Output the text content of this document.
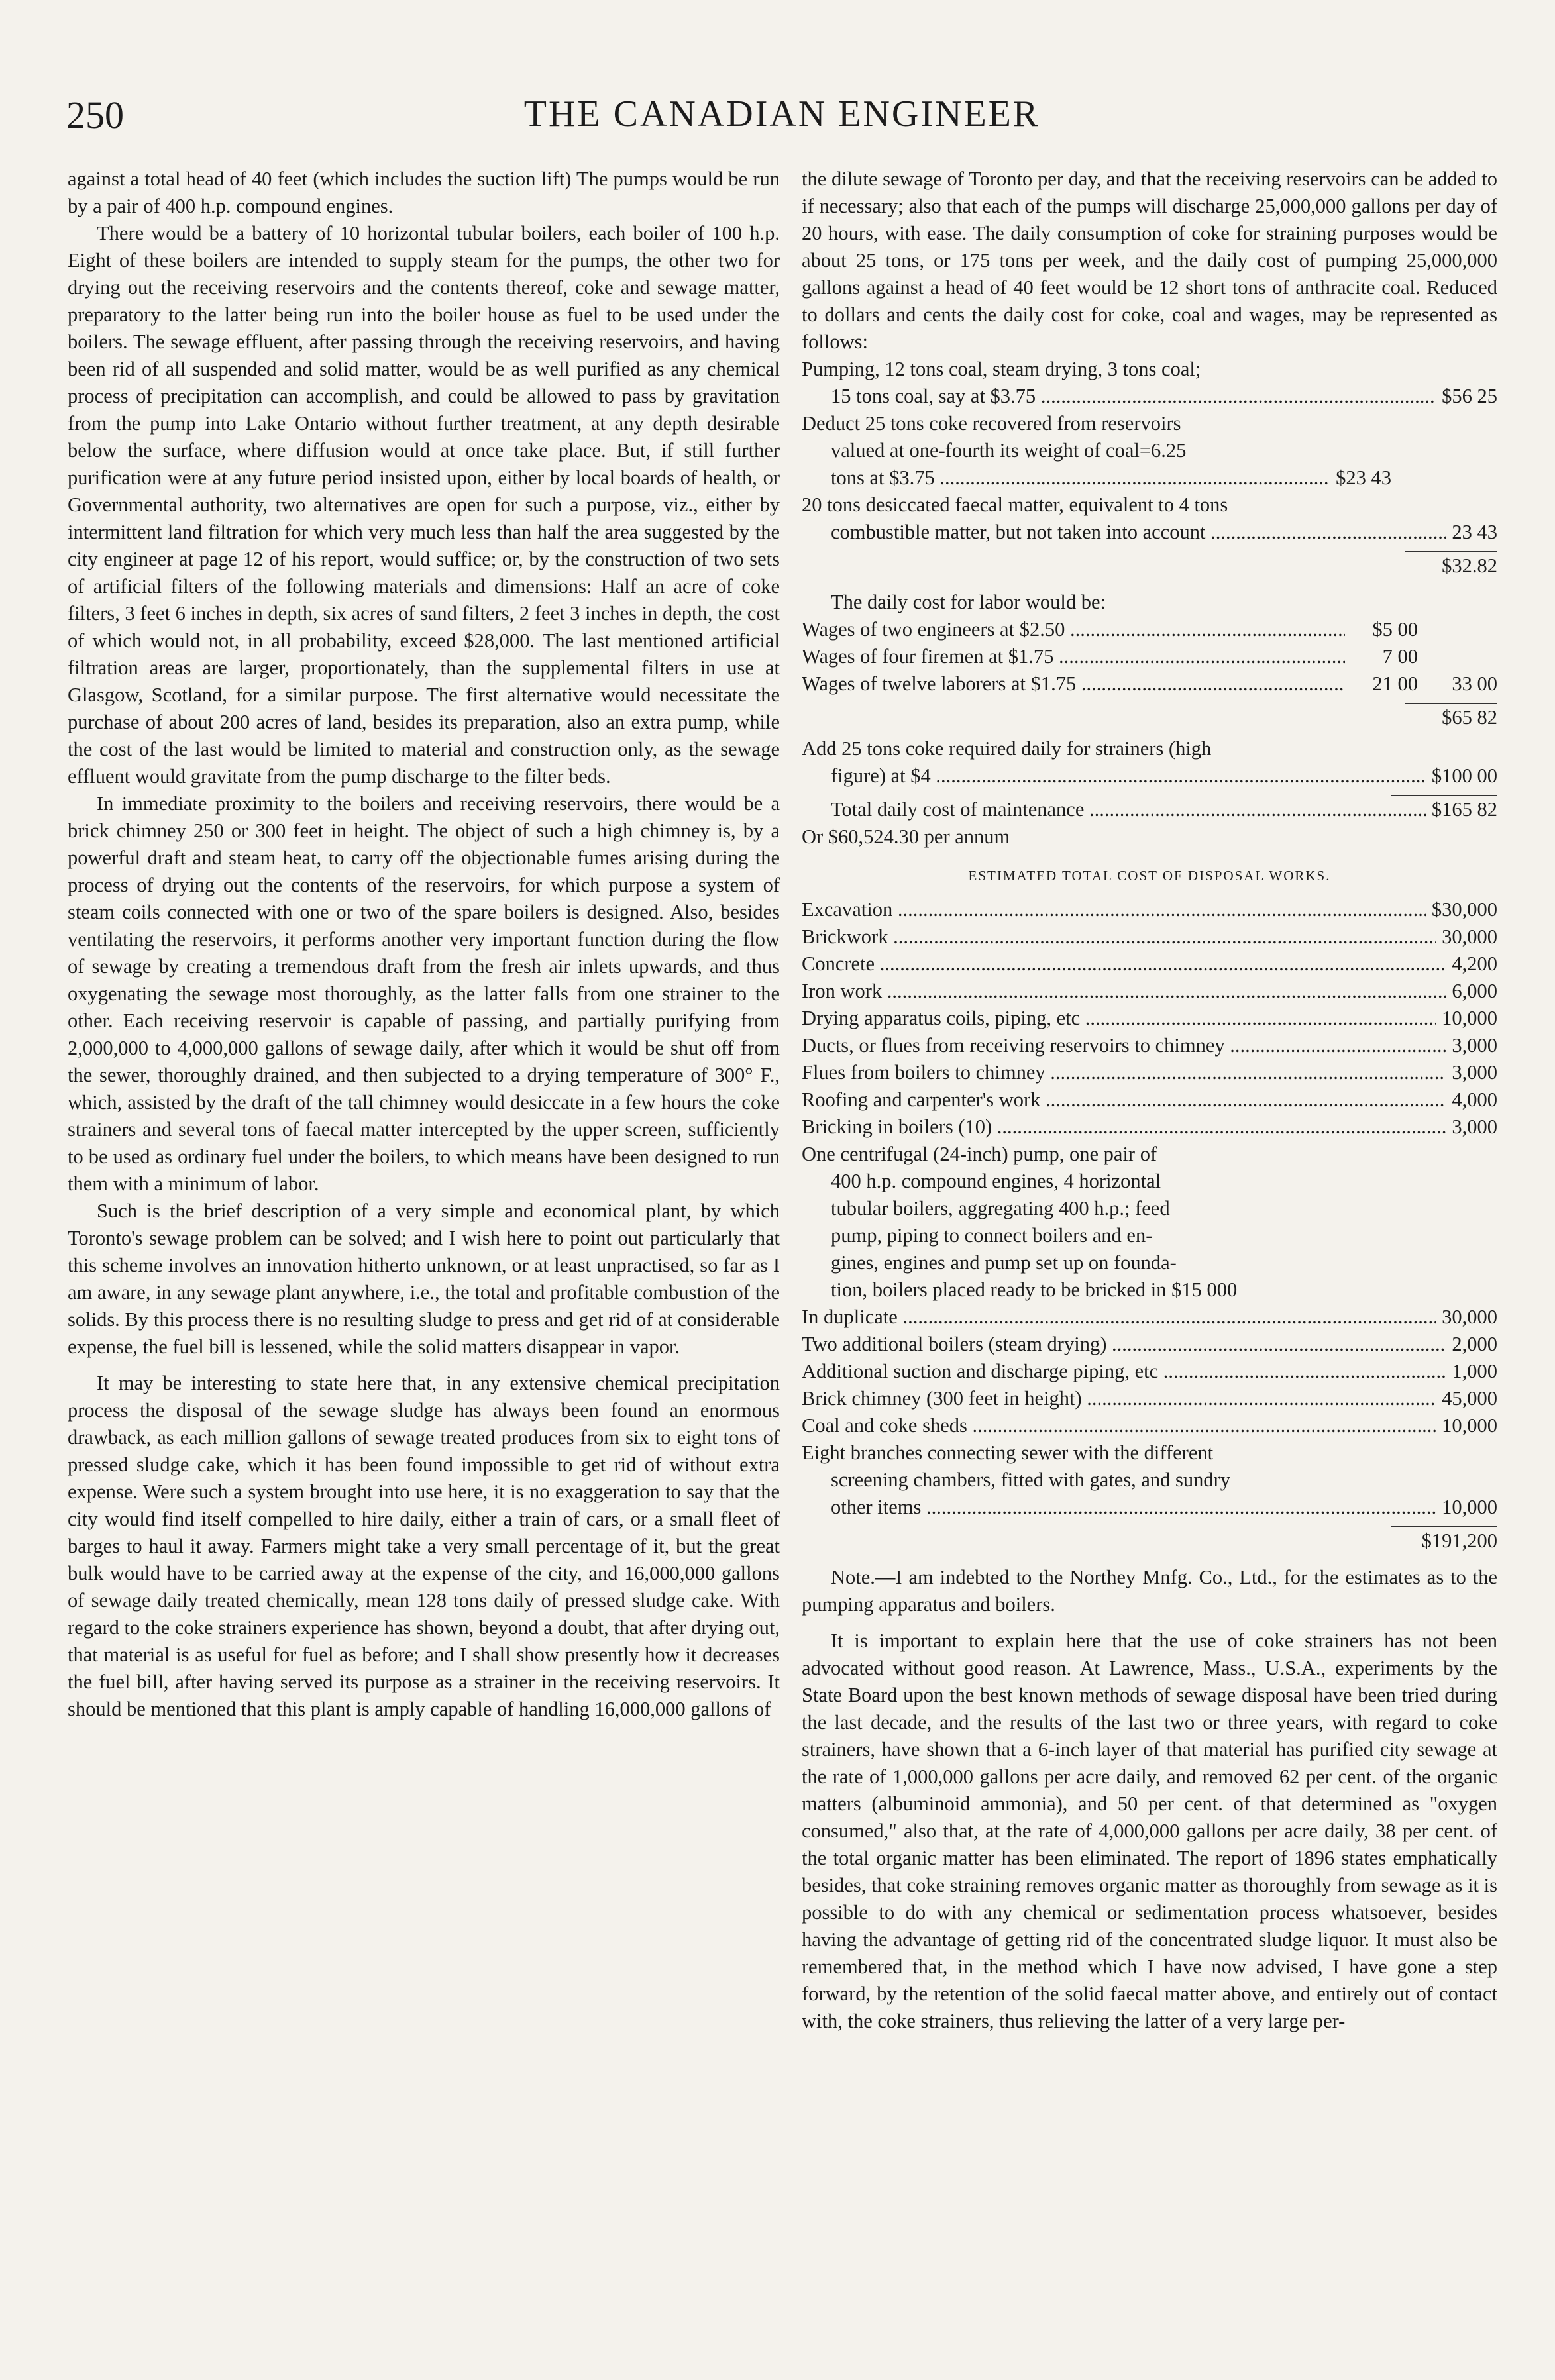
250	THE CANADIAN ENGINEER

against a total head of 40 feet (which includes the suction lift) The pumps would be run by a pair of 400 h.p. compound engines.

There would be a battery of 10 horizontal tubular boilers, each boiler of 100 h.p. Eight of these boilers are intended to supply steam for the pumps, the other two for drying out the receiving reservoirs and the contents thereof, coke and sewage matter, preparatory to the latter being run into the boiler house as fuel to be used under the boilers. The sewage effluent, after passing through the receiving reservoirs, and having been rid of all suspended and solid matter, would be as well purified as any chemical process of precipitation can accomplish, and could be allowed to pass by gravitation from the pump into Lake Ontario without further treatment, at any depth desirable below the surface, where diffusion would at once take place. But, if still further purification were at any future period insisted upon, either by local boards of health, or Governmental authority, two alternatives are open for such a purpose, viz., either by intermittent land filtration for which very much less than half the area suggested by the city engineer at page 12 of his report, would suffice; or, by the construction of two sets of artificial filters of the following materials and dimensions: Half an acre of coke filters, 3 feet 6 inches in depth, six acres of sand filters, 2 feet 3 inches in depth, the cost of which would not, in all probability, exceed $28,000. The last mentioned artificial filtration areas are larger, proportionately, than the supplemental filters in use at Glasgow, Scotland, for a similar purpose. The first alternative would necessitate the purchase of about 200 acres of land, besides its preparation, also an extra pump, while the cost of the last would be limited to material and construction only, as the sewage effluent would gravitate from the pump discharge to the filter beds.

In immediate proximity to the boilers and receiving reservoirs, there would be a brick chimney 250 or 300 feet in height. The object of such a high chimney is, by a powerful draft and steam heat, to carry off the objectionable fumes arising during the process of drying out the contents of the reservoirs, for which purpose a system of steam coils connected with one or two of the spare boilers is designed. Also, besides ventilating the reservoirs, it performs another very important function during the flow of sewage by creating a tremendous draft from the fresh air inlets upwards, and thus oxygenating the sewage most thoroughly, as the latter falls from one strainer to the other. Each receiving reservoir is capable of passing, and partially purifying from 2,000,000 to 4,000,000 gallons of sewage daily, after which it would be shut off from the sewer, thoroughly drained, and then subjected to a drying temperature of 300° F., which, assisted by the draft of the tall chimney would desiccate in a few hours the coke strainers and several tons of faecal matter intercepted by the upper screen, sufficiently to be used as ordinary fuel under the boilers, to which means have been designed to run them with a minimum of labor.

Such is the brief description of a very simple and economical plant, by which Toronto's sewage problem can be solved; and I wish here to point out particularly that this scheme involves an innovation hitherto unknown, or at least unpractised, so far as I am aware, in any sewage plant anywhere, i.e., the total and profitable combustion of the solids. By this process there is no resulting sludge to press and get rid of at considerable expense, the fuel bill is lessened, while the solid matters disappear in vapor.

It may be interesting to state here that, in any extensive chemical precipitation process the disposal of the sewage sludge has always been found an enormous drawback, as each million gallons of sewage treated produces from six to eight tons of pressed sludge cake, which it has been found impossible to get rid of without extra expense. Were such a system brought into use here, it is no exaggeration to say that the city would find itself compelled to hire daily, either a train of cars, or a small fleet of barges to haul it away. Farmers might take a very small percentage of it, but the great bulk would have to be carried away at the expense of the city, and 16,000,000 gallons of sewage daily treated chemically, mean 128 tons daily of pressed sludge cake. With regard to the coke strainers experience has shown, beyond a doubt, that after drying out, that material is as useful for fuel as before; and I shall show presently how it decreases the fuel bill, after having served its purpose as a strainer in the receiving reservoirs. It should be mentioned that this plant is amply capable of handling 16,000,000 gallons of

the dilute sewage of Toronto per day, and that the receiving reservoirs can be added to if necessary; also that each of the pumps will discharge 25,000,000 gallons per day of 20 hours, with ease. The daily consumption of coke for straining purposes would be about 25 tons, or 175 tons per week, and the daily cost of pumping 25,000,000 gallons against a head of 40 feet would be 12 short tons of anthracite coal. Reduced to dollars and cents the daily cost for coke, coal and wages, may be represented as follows:

Pumping, 12 tons coal, steam drying, 3 tons coal;
15 tons coal, say at $3.75 .....	$56 25
Deduct 25 tons coke recovered from reservoirs
valued at one-fourth its weight of coal=6.25
tons at $3.75 .....	$23 43
20 tons desiccated faecal matter, equivalent to 4 tons
combustible matter, but not taken into account .....	23 43
$32.82

The daily cost for labor would be:

Wages of two engineers at $2.50 .....	$5 00
Wages of four firemen at $1.75 .....	7 00
Wages of twelve laborers at $1.75 .....	21 00	33 00
$65 82
Add 25 tons coke required daily for strainers (high
figure) at $4 .....	$100 00
Total daily cost of maintenance .....	$165 82
Or $60,524.30 per annum
ESTIMATED TOTAL COST OF DISPOSAL WORKS.
Excavation .....	$30,000
Brickwork .....	30,000
Concrete .....	4,200
Iron work .....	6,000
Drying apparatus coils, piping, etc .....	10,000
Ducts, or flues from receiving reservoirs to chimney .....	3,000
Flues from boilers to chimney .....	3,000
Roofing and carpenter's work .....	4,000
Bricking in boilers (10) .....	3,000
One centrifugal (24-inch) pump, one pair of
400 h.p. compound engines, 4 horizontal
tubular boilers, aggregating 400 h.p.; feed
pump, piping to connect boilers and en-
gines, engines and pump set up on founda-
tion, boilers placed ready to be bricked in $15 000
In duplicate .....	30,000
Two additional boilers (steam drying) .....	2,000
Additional suction and discharge piping, etc .....	1,000
Brick chimney (300 feet in height) .....	45,000
Coal and coke sheds .....	10,000
Eight branches connecting sewer with the different
screening chambers, fitted with gates, and sundry
other items .....	10,000
$191,200

Note.—I am indebted to the Northey Mnfg. Co., Ltd., for the estimates as to the pumping apparatus and boilers.

It is important to explain here that the use of coke strainers has not been advocated without good reason. At Lawrence, Mass., U.S.A., experiments by the State Board upon the best known methods of sewage disposal have been tried during the last decade, and the results of the last two or three years, with regard to coke strainers, have shown that a 6-inch layer of that material has purified city sewage at the rate of 1,000,000 gallons per acre daily, and removed 62 per cent. of the organic matters (albuminoid ammonia), and 50 per cent. of that determined as "oxygen consumed," also that, at the rate of 4,000,000 gallons per acre daily, 38 per cent. of the total organic matter has been eliminated. The report of 1896 states emphatically besides, that coke straining removes organic matter as thoroughly from sewage as it is possible to do with any chemical or sedimentation process whatsoever, besides having the advantage of getting rid of the concentrated sludge liquor. It must also be remembered that, in the method which I have now advised, I have gone a step forward, by the retention of the solid faecal matter above, and entirely out of contact with, the coke strainers, thus relieving the latter of a very large per-
